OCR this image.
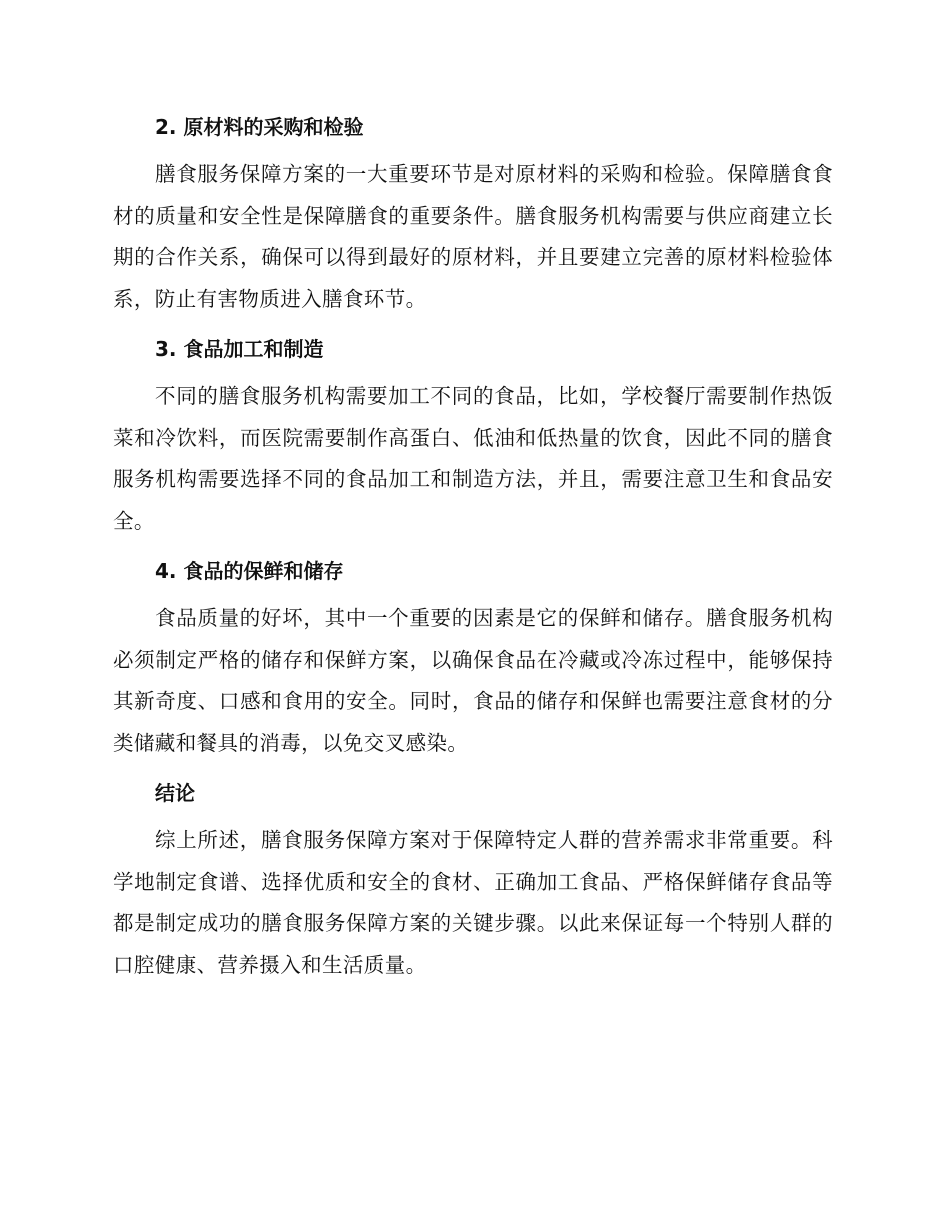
2. 原材料的采购和检验

膳食服务保障方案的一大重要环节是对原材料的采购和检验。保障膳食食材的质量和安全性是保障膳食的重要条件。膳食服务机构需要与供应商建立长期的合作关系，确保可以得到最好的原材料，并且要建立完善的原材料检验体系，防止有害物质进入膳食环节。

3. 食品加工和制造

不同的膳食服务机构需要加工不同的食品，比如，学校餐厅需要制作热饭菜和冷饮料，而医院需要制作高蛋白、低油和低热量的饮食，因此不同的膳食服务机构需要选择不同的食品加工和制造方法，并且，需要注意卫生和食品安全。

4. 食品的保鲜和储存

食品质量的好坏，其中一个重要的因素是它的保鲜和储存。膳食服务机构必须制定严格的储存和保鲜方案，以确保食品在冷藏或冷冻过程中，能够保持其新奇度、口感和食用的安全。同时，食品的储存和保鲜也需要注意食材的分类储藏和餐具的消毒，以免交叉感染。

结论

综上所述，膳食服务保障方案对于保障特定人群的营养需求非常重要。科学地制定食谱、选择优质和安全的食材、正确加工食品、严格保鲜储存食品等都是制定成功的膳食服务保障方案的关键步骤。以此来保证每一个特别人群的口腔健康、营养摄入和生活质量。
